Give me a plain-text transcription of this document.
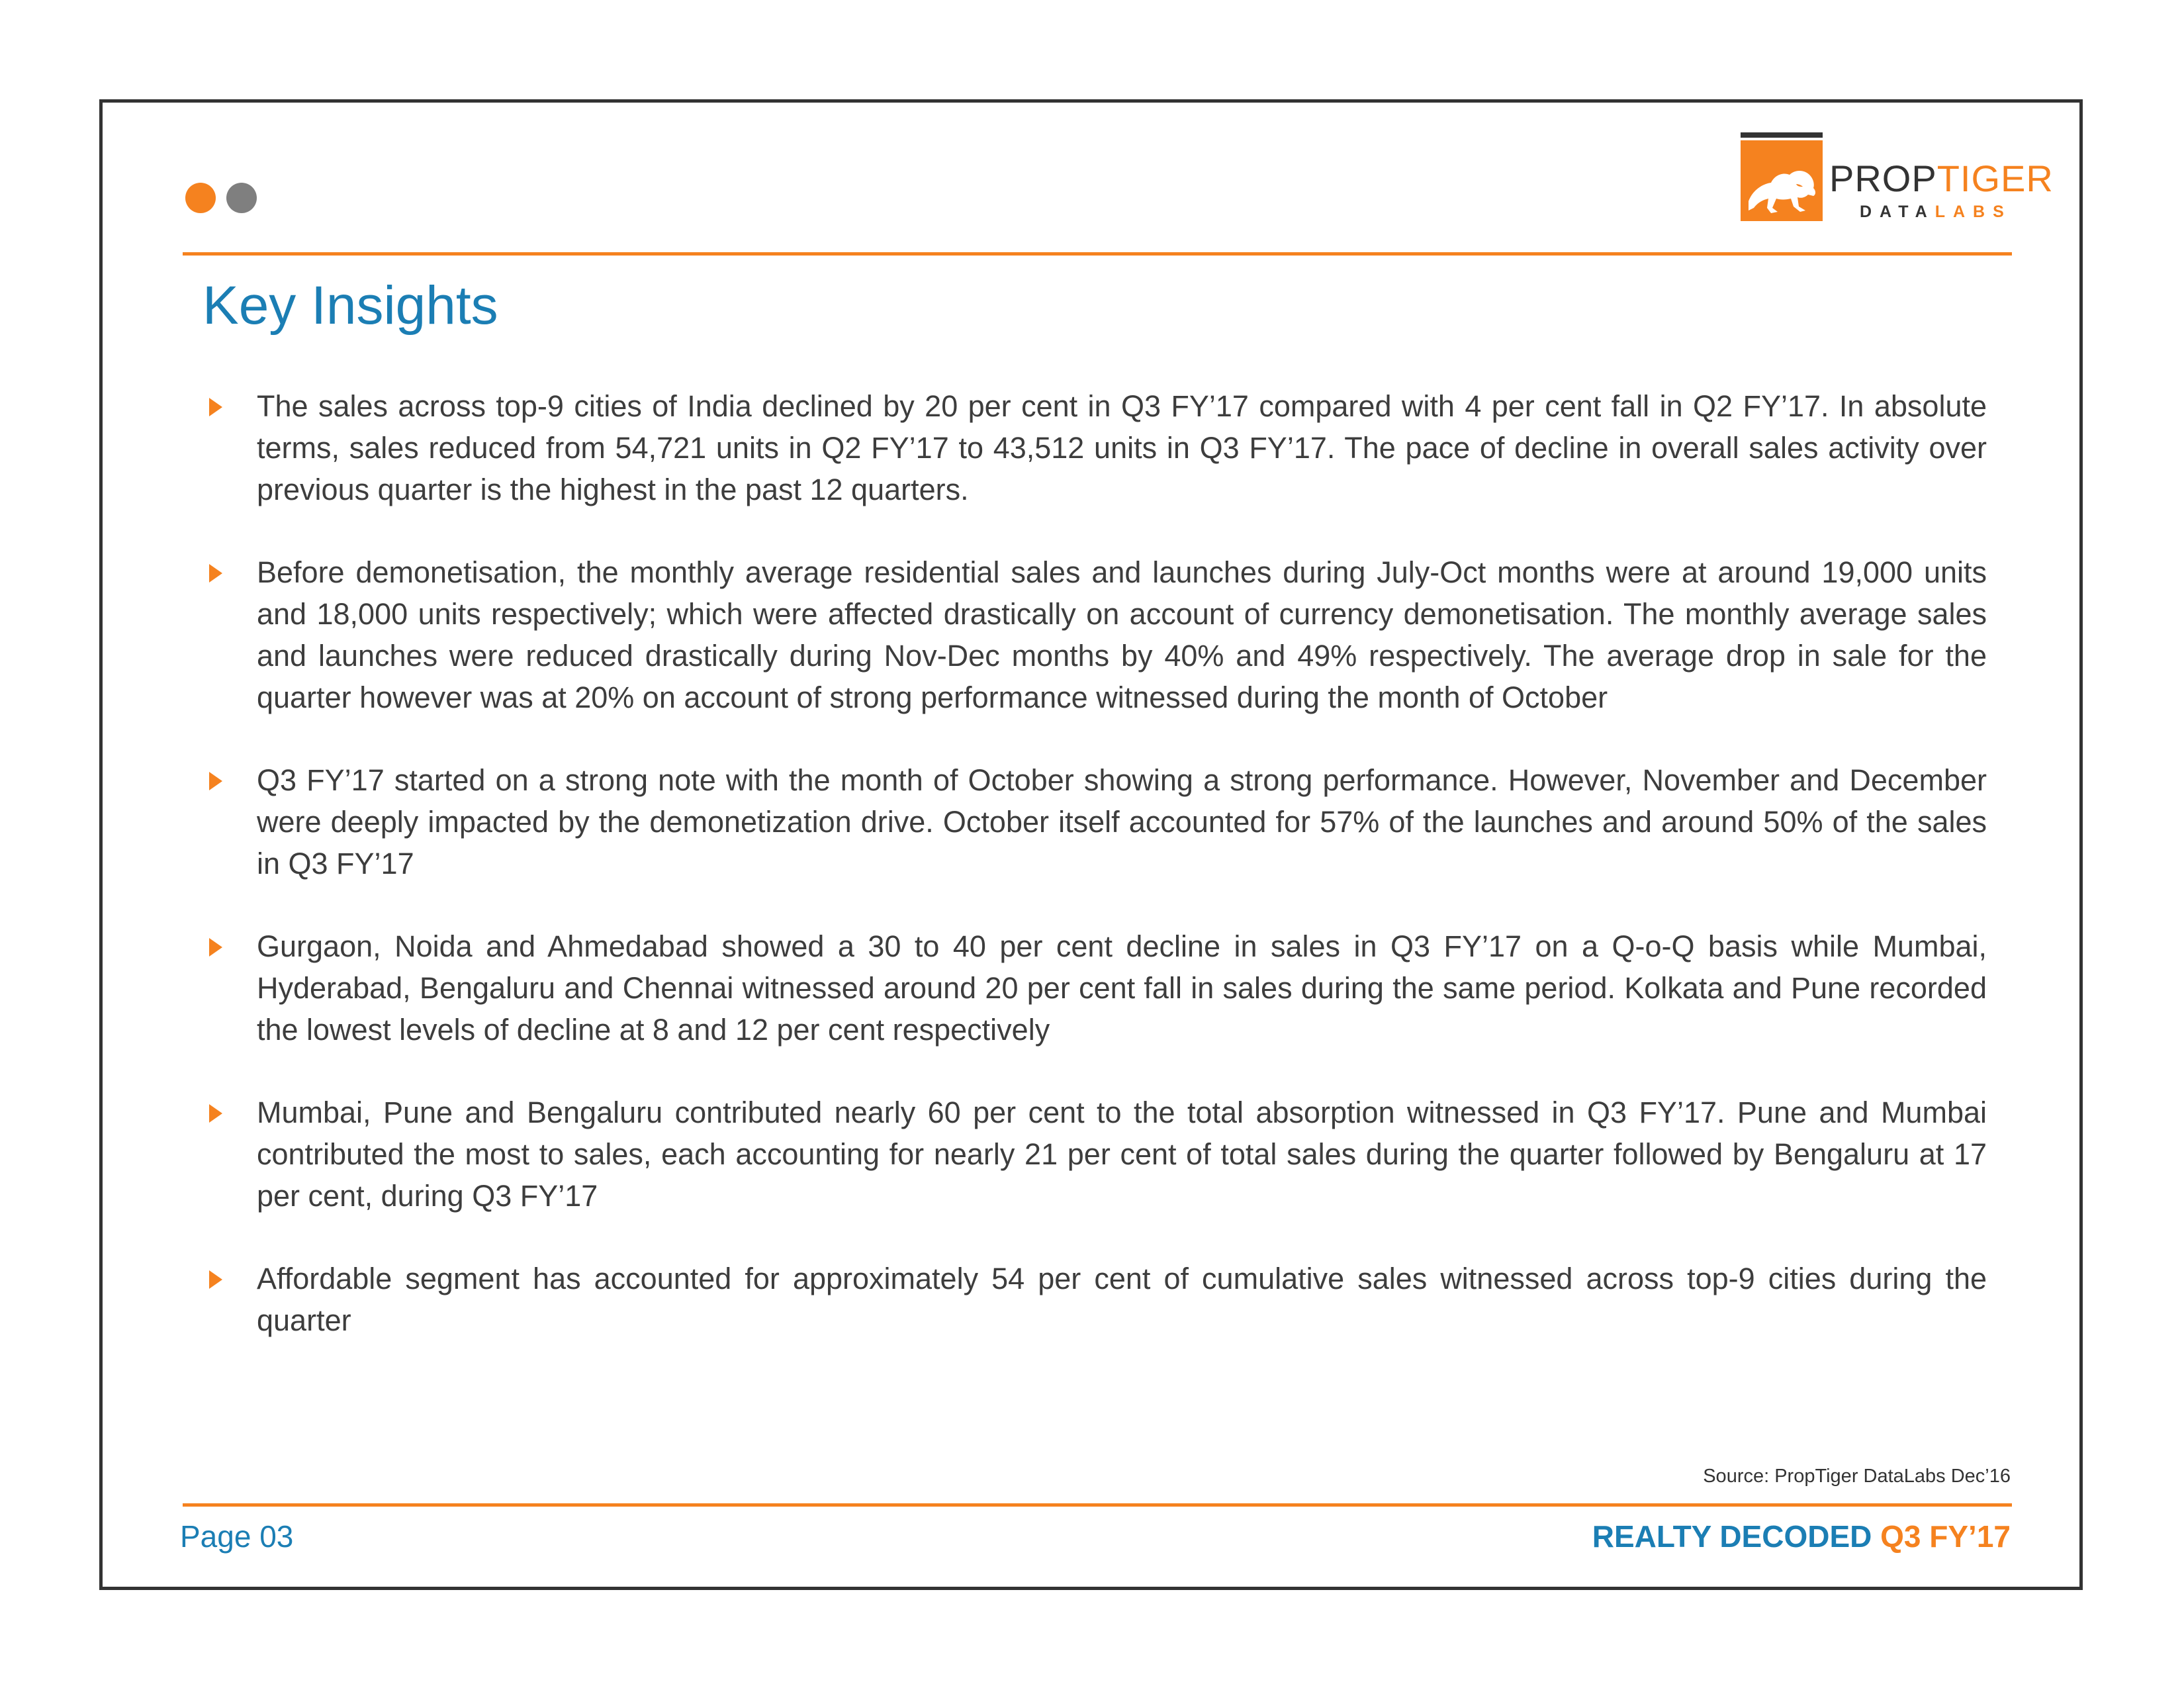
PROPTIGER
DATALABS
Key Insights
The sales across top-9 cities of India declined by 20 per cent in Q3 FY’17 compared with 4 per cent fall in Q2 FY’17. In absolute terms, sales reduced from 54,721 units in Q2 FY’17 to 43,512 units in Q3 FY’17. The pace of decline in overall sales activity over previous quarter is the highest in the past 12 quarters.
Before demonetisation, the monthly average residential sales and launches during July-Oct months were at around 19,000 units and 18,000 units respectively; which were affected drastically on account of currency demonetisation. The monthly average sales and launches were reduced drastically during Nov-Dec months by 40% and 49% respectively. The average drop in sale for the quarter however was at 20% on account of strong performance witnessed during the month of October
Q3 FY’17 started on a strong note with the month of October showing a strong performance. However, November and December were deeply impacted by the demonetization drive. October itself accounted for 57% of the launches and around 50% of the sales in Q3 FY’17
Gurgaon, Noida and Ahmedabad showed a 30 to 40 per cent decline in sales in Q3 FY’17 on a Q-o-Q basis while Mumbai, Hyderabad, Bengaluru and Chennai witnessed around 20 per cent fall in sales during the same period. Kolkata and Pune recorded the lowest levels of decline at 8 and 12 per cent respectively
Mumbai, Pune and Bengaluru contributed nearly 60 per cent to the total absorption witnessed in Q3 FY’17. Pune and Mumbai contributed the most to sales, each accounting for nearly 21 per cent of total sales during the quarter followed by Bengaluru at 17 per cent, during Q3 FY’17
Affordable segment has accounted for approximately 54 per cent of cumulative sales witnessed across top-9 cities during the quarter
Source: PropTiger DataLabs Dec’16
Page 03	REALTY DECODED Q3 FY’17
